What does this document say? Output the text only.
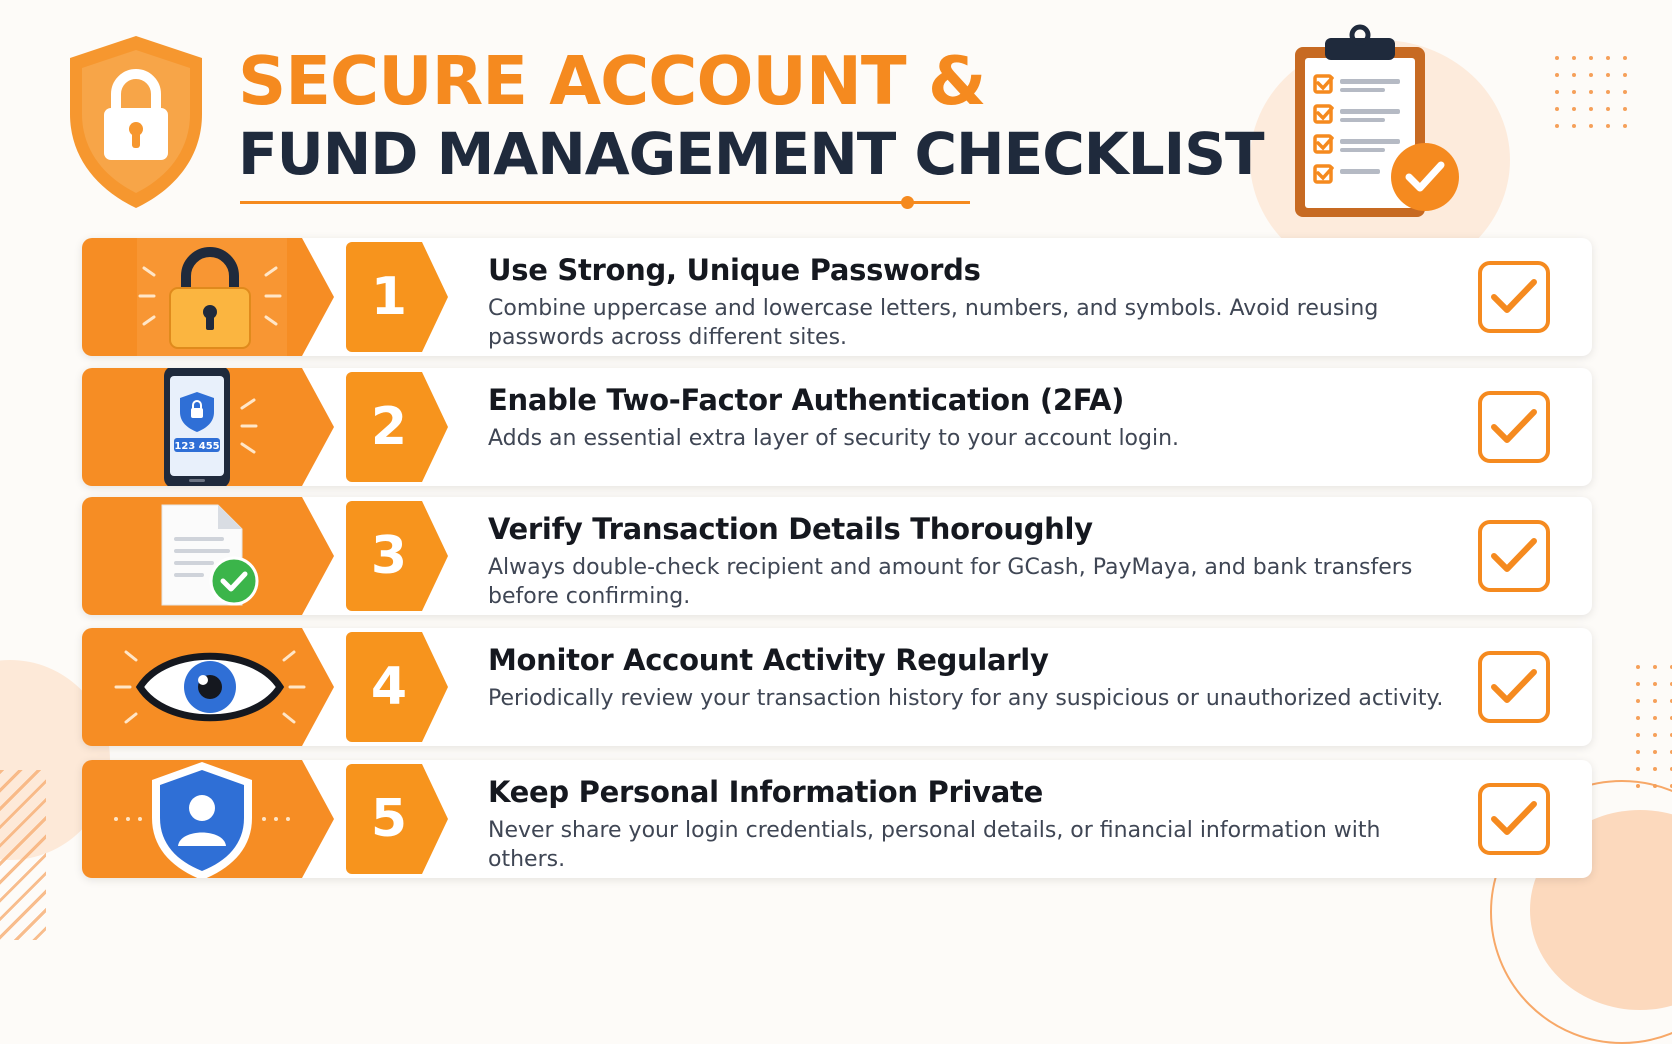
SECURE ACCOUNT &
FUND MANAGEMENT CHECKLIST
1	Use Strong, Unique Passwords
Combine uppercase and lowercase letters, numbers, and symbols. Avoid reusing passwords across different sites.
123 455	2	Enable Two-Factor Authentication (2FA)
Adds an essential extra layer of security to your account login.
3	Verify Transaction Details Thoroughly
Always double-check recipient and amount for GCash, PayMaya, and bank transfers before confirming.
4	Monitor Account Activity Regularly
Periodically review your transaction history for any suspicious or unauthorized activity.
5	Keep Personal Information Private
Never share your login credentials, personal details, or financial information with others.
